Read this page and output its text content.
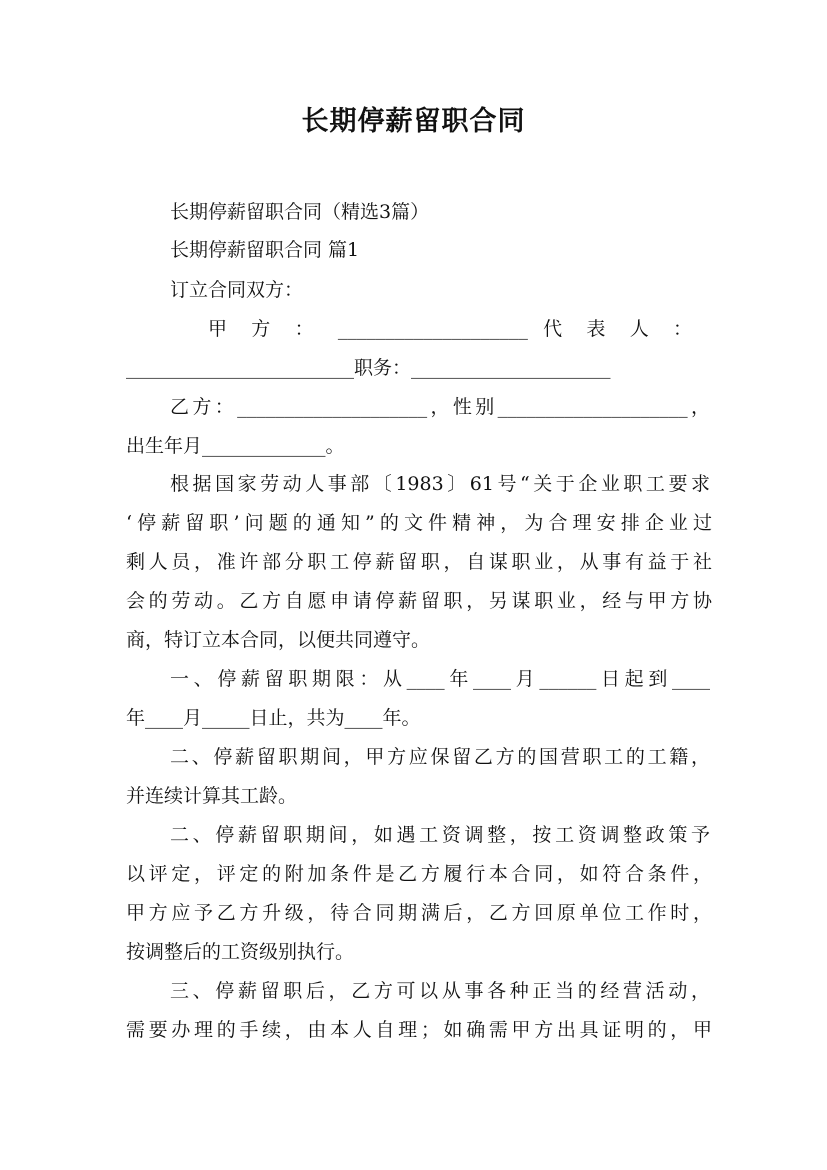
长期停薪留职合同
长期停薪留职合同（精选3篇）
长期停薪留职合同 篇1
订立合同双方：
甲 方 ： ____________________ 代 表 人 ：
________________________职务：_____________________
乙方：____________________，性别____________________，
出生年月_____________。
根据国家劳动人事部〔1983〕61号“关于企业职工要求
‘停薪留职’问题的通知”的文件精神，为合理安排企业过
剩人员，准许部分职工停薪留职，自谋职业，从事有益于社
会的劳动。乙方自愿申请停薪留职，另谋职业，经与甲方协
商，特订立本合同，以便共同遵守。
一、停薪留职期限：从____年____月______日起到____
年____月_____日止，共为____年。
二、停薪留职期间，甲方应保留乙方的国营职工的工籍，
并连续计算其工龄。
二、停薪留职期间，如遇工资调整，按工资调整政策予
以评定，评定的附加条件是乙方履行本合同，如符合条件，
甲方应予乙方升级，待合同期满后，乙方回原单位工作时，
按调整后的工资级别执行。
三、停薪留职后，乙方可以从事各种正当的经营活动，
需要办理的手续，由本人自理；如确需甲方出具证明的，甲
